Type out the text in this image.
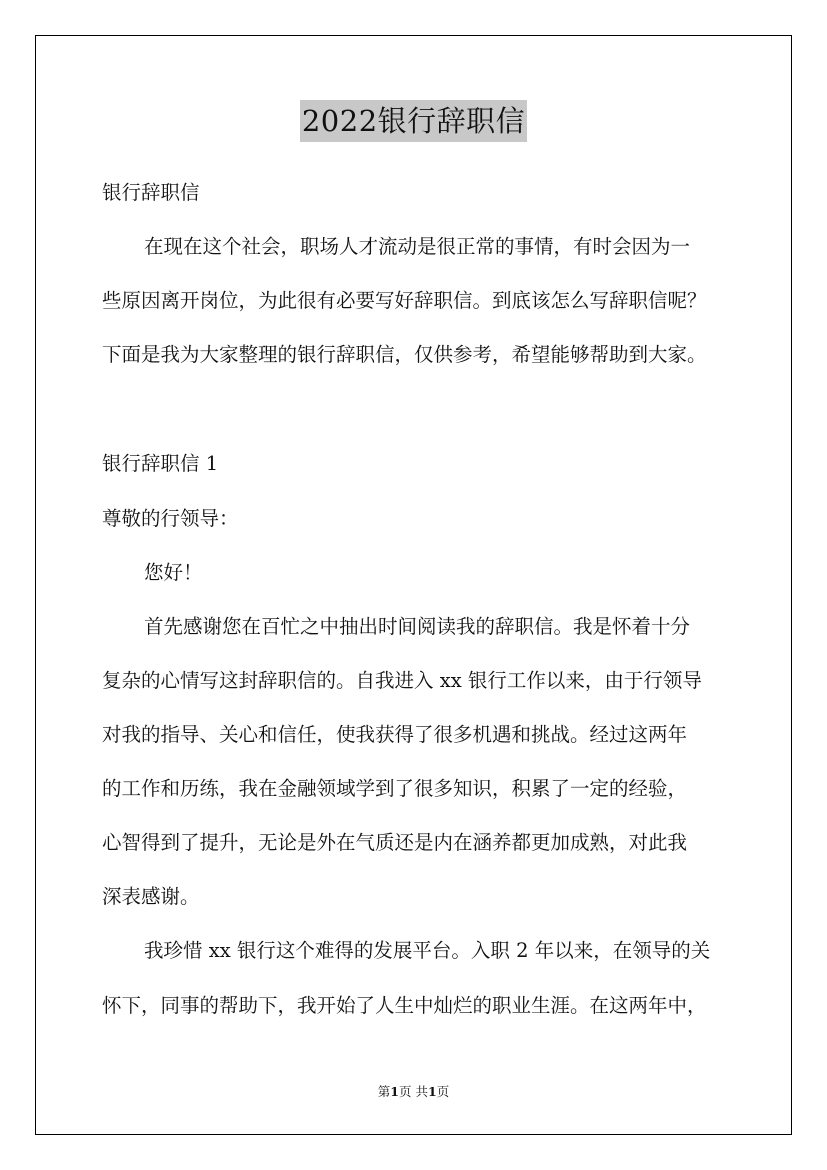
2022银行辞职信

银行辞职信

在现在这个社会，职场人才流动是很正常的事情，有时会因为一

些原因离开岗位，为此很有必要写好辞职信。到底该怎么写辞职信呢？

下面是我为大家整理的银行辞职信，仅供参考，希望能够帮助到大家。

银行辞职信 1

尊敬的行领导：

您好！

首先感谢您在百忙之中抽出时间阅读我的辞职信。我是怀着十分

复杂的心情写这封辞职信的。自我进入 xx 银行工作以来，由于行领导

对我的指导、关心和信任，使我获得了很多机遇和挑战。经过这两年

的工作和历练，我在金融领域学到了很多知识，积累了一定的经验，

心智得到了提升，无论是外在气质还是内在涵养都更加成熟，对此我

深表感谢。

我珍惜 xx 银行这个难得的发展平台。入职 2 年以来，在领导的关

怀下，同事的帮助下，我开始了人生中灿烂的职业生涯。在这两年中，

第1页 共1页
